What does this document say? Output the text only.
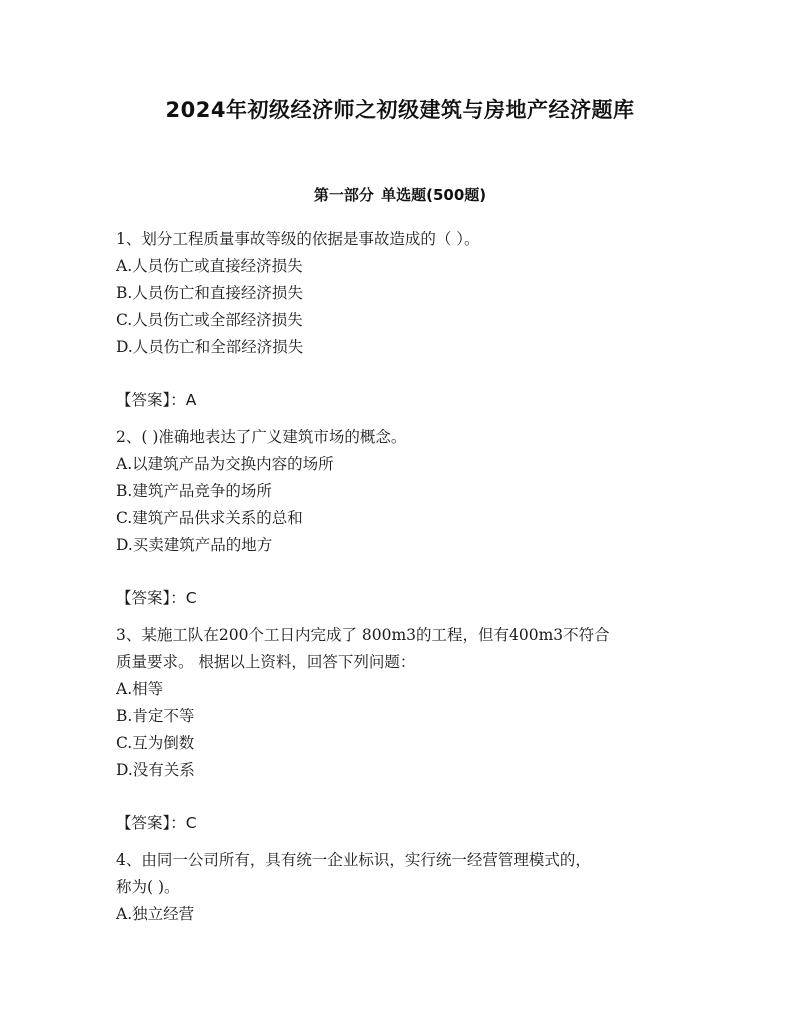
2024年初级经济师之初级建筑与房地产经济题库
第一部分 单选题(500题)
1、划分工程质量事故等级的依据是事故造成的（ ）。
A.人员伤亡或直接经济损失
B.人员伤亡和直接经济损失
C.人员伤亡或全部经济损失
D.人员伤亡和全部经济损失
【答案】：A
2、( )准确地表达了广义建筑市场的概念。
A.以建筑产品为交换内容的场所
B.建筑产品竞争的场所
C.建筑产品供求关系的总和
D.买卖建筑产品的地方
【答案】：C
3、某施工队在200个工日内完成了 800m3的工程，但有400m3不符合
质量要求。 根据以上资料，回答下列问题：
A.相等
B.肯定不等
C.互为倒数
D.没有关系
【答案】：C
4、由同一公司所有，具有统一企业标识，实行统一经营管理模式的，
称为( )。
A.独立经营
